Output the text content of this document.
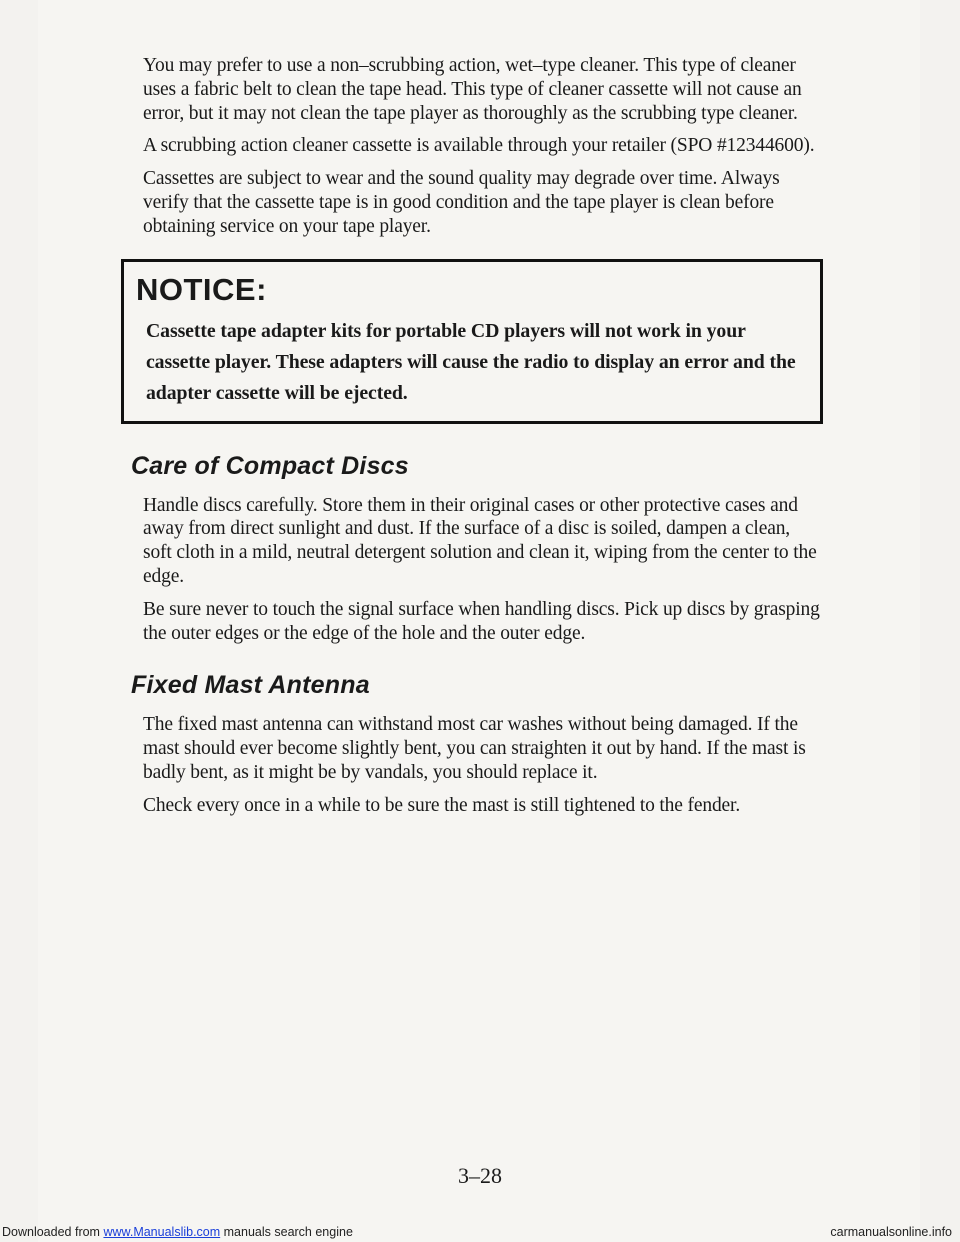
You may prefer to use a non–scrubbing action, wet–type cleaner. This type of cleaner uses a fabric belt to clean the tape head. This type of cleaner cassette will not cause an error, but it may not clean the tape player as thoroughly as the scrubbing type cleaner.

A scrubbing action cleaner cassette is available through your retailer (SPO #12344600).

Cassettes are subject to wear and the sound quality may degrade over time. Always verify that the cassette tape is in good condition and the tape player is clean before obtaining service on your tape player.

NOTICE:
Cassette tape adapter kits for portable CD players will not work in your cassette player. These adapters will cause the radio to display an error and the adapter cassette will be ejected.
Care of Compact Discs

Handle discs carefully. Store them in their original cases or other protective cases and away from direct sunlight and dust. If the surface of a disc is soiled, dampen a clean, soft cloth in a mild, neutral detergent solution and clean it, wiping from the center to the edge.

Be sure never to touch the signal surface when handling discs. Pick up discs by grasping the outer edges or the edge of the hole and the outer edge.

Fixed Mast Antenna

The fixed mast antenna can withstand most car washes without being damaged. If the mast should ever become slightly bent, you can straighten it out by hand. If the mast is badly bent, as it might be by vandals, you should replace it.

Check every once in a while to be sure the mast is still tightened to the fender.

3–28
Downloaded from www.Manualslib.com manuals search engine	carmanualsonline.info
